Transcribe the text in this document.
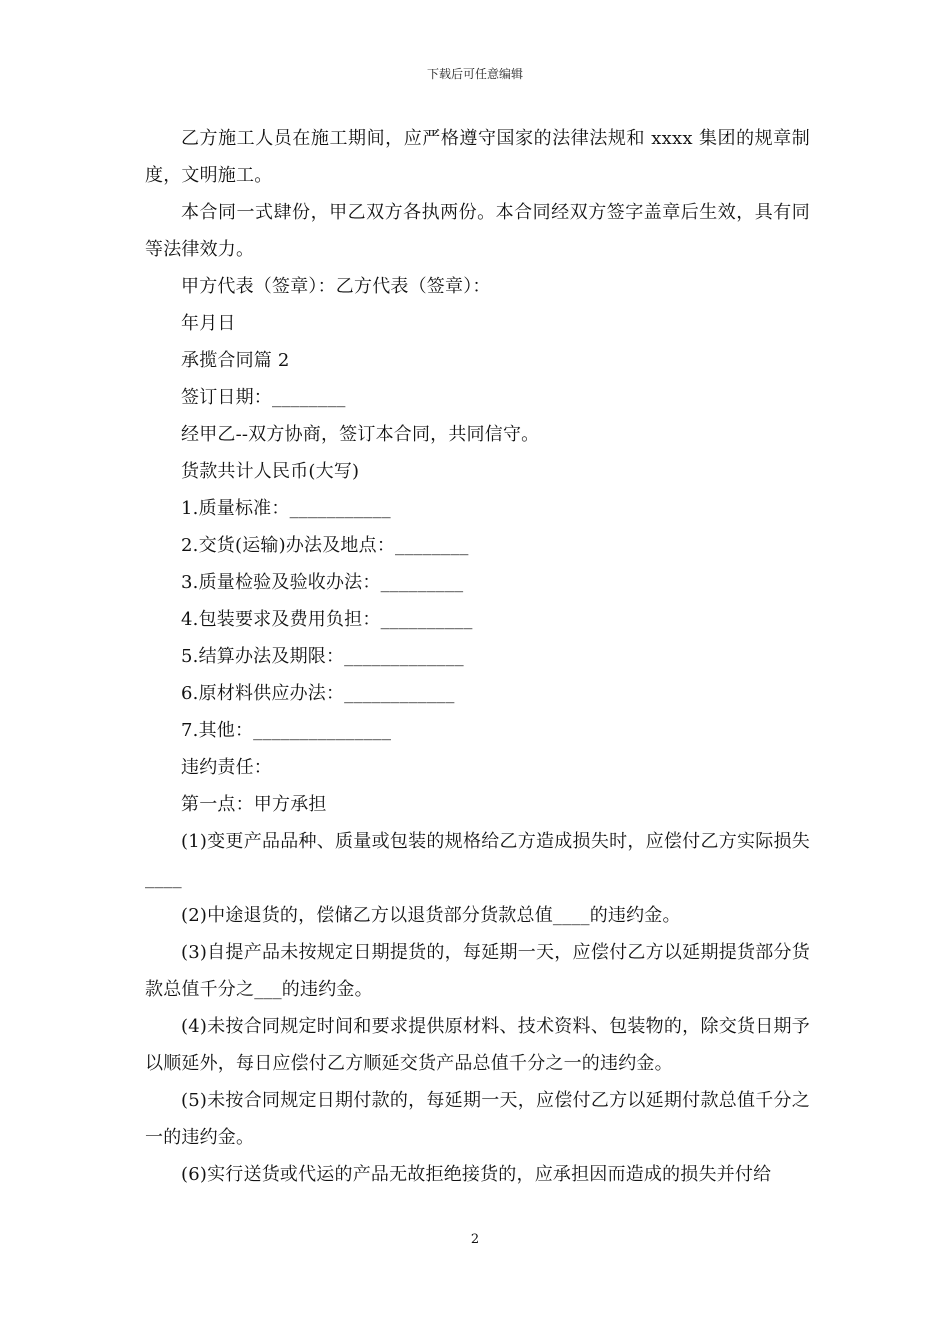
下载后可任意编辑

乙方施工人员在施工期间，应严格遵守国家的法律法规和 xxxx 集团的规章制度，文明施工。

本合同一式肆份，甲乙双方各执两份。本合同经双方签字盖章后生效，具有同等法律效力。

甲方代表（签章）：乙方代表（签章）：

年月日

承揽合同篇 2

签订日期：________

经甲乙--双方协商，签订本合同，共同信守。

货款共计人民币(大写)

1.质量标准：___________

2.交货(运输)办法及地点：________

3.质量检验及验收办法：_________

4.包装要求及费用负担：__________

5.结算办法及期限：_____________

6.原材料供应办法：____________

7.其他：_______________

违约责任：

第一点：甲方承担

(1)变更产品品种、质量或包装的规格给乙方造成损失时，应偿付乙方实际损失____

(2)中途退货的，偿储乙方以退货部分货款总值____的违约金。

(3)自提产品未按规定日期提货的，每延期一天，应偿付乙方以延期提货部分货款总值千分之___的违约金。

(4)未按合同规定时间和要求提供原材料、技术资料、包装物的，除交货日期予以顺延外，每日应偿付乙方顺延交货产品总值千分之一的违约金。

(5)未按合同规定日期付款的，每延期一天，应偿付乙方以延期付款总值千分之一的违约金。

(6)实行送货或代运的产品无故拒绝接货的，应承担因而造成的损失并付给

2
